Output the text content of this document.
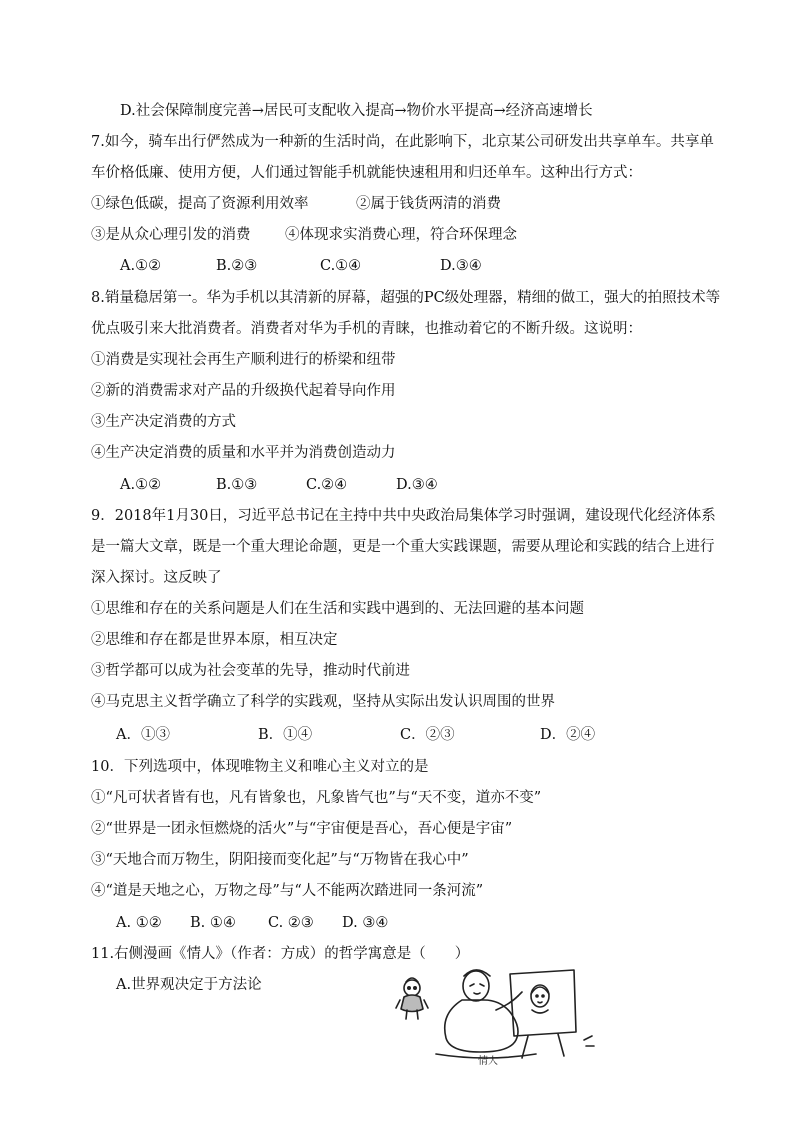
D.社会保障制度完善→居民可支配收入提高→物价水平提高→经济高速增长
7.如今，骑车出行俨然成为一种新的生活时尚，在此影响下，北京某公司研发出共享单车。共享单
车价格低廉、使用方便，人们通过智能手机就能快速租用和归还单车。这种出行方式：
①绿色低碳，提高了资源利用效率	②属于钱货两清的消费
③是从众心理引发的消费 ④体现求实消费心理，符合环保理念
A.①②	B.②③	C.①④	D.③④
8.销量稳居第一。华为手机以其清新的屏幕，超强的PC级处理器，精细的做工，强大的拍照技术等
优点吸引来大批消费者。消费者对华为手机的青睐，也推动着它的不断升级。这说明：
①消费是实现社会再生产顺利进行的桥梁和纽带
②新的消费需求对产品的升级换代起着导向作用
③生产决定消费的方式
④生产决定消费的质量和水平并为消费创造动力
A.①②	B.①③	C.②④	D.③④
9．2018年1月30日，习近平总书记在主持中共中央政治局集体学习时强调，建设现代化经济体系
是一篇大文章，既是一个重大理论命题，更是一个重大实践课题，需要从理论和实践的结合上进行
深入探讨。这反映了
①思维和存在的关系问题是人们在生活和实践中遇到的、无法回避的基本问题
②思维和存在都是世界本原，相互决定
③哲学都可以成为社会变革的先导，推动时代前进
④马克思主义哲学确立了科学的实践观，坚持从实际出发认识周围的世界
A．①③	B．①④	C．②③	D．②④
10．下列选项中，体现唯物主义和唯心主义对立的是
①“凡可状者皆有也，凡有皆象也，凡象皆气也”与“天不变，道亦不变”
②“世界是一团永恒燃烧的活火”与“宇宙便是吾心，吾心便是宇宙”
③“天地合而万物生，阴阳接而变化起”与“万物皆在我心中”
④“道是天地之心，万物之母”与“人不能两次踏进同一条河流”
A. ①② B. ①④ C. ②③ D. ③④
11.右侧漫画《情人》（作者：方成）的哲学寓意是（　　）
A.世界观决定于方法论
情人
